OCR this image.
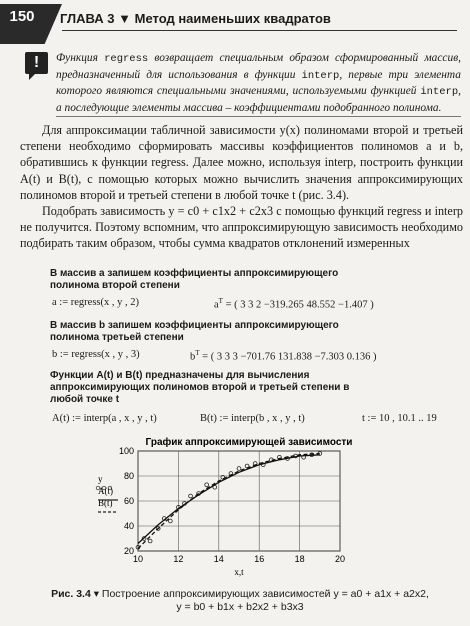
150	ГЛАВА 3 ▼ Метод наименьших квадратов
!	Функция regress возвращает специальным образом сформированный массив, предназначенный для использования в функции interp, первые три элемента которого являются специальными значениями, используемыми функцией interp, а последующие элементы массива – коэффициентами подобранного полинома.

Для аппроксимации табличной зависимости y(x) полиномами второй и третьей степени необходимо сформировать массивы коэффициентов полиномов a и b, обратившись к функции regress. Далее можно, используя interp, построить функции A(t) и B(t), с помощью которых можно вычислить значения аппроксимирующих полиномов второй и третьей степени в любой точке t (рис. 3.4).

Подобрать зависимость y = c0 + c1x2 + c2x3 с помощью функций regress и interp не получится. Поэтому вспомним, что аппроксимирующую зависимость необходимо подбирать таким образом, чтобы сумма квадратов отклонений измеренных

В массив а запишем коэффициенты аппроксимирующего
полинома второй степени
a := regress(x , y , 2)	$a^T$ = ( 3 3 2 −319.265 48.552 −1.407 )
В массив b запишем коэффициенты аппроксимирующего
полинома третьей степени
b := regress(x , y , 3)	$b^T$ = ( 3 3 3 −701.76 131.838 −7.303 0.136 )
Функции A(t) и B(t) предназначены для вычисления
аппроксимирующих полиномов второй и третьей степени в
любой точке t
A(t) := interp(a , x , y , t)	B(t) := interp(b , x , y , t)	t := 10 , 10.1 .. 19
10	12	14	16	18	20
20
40
60
80
100
График аппроксимирующей зависимости
x,t
y
A(t)
B(t)
Рис. 3.4 ▾ Построение аппроксимирующих зависимостей y = a0 + a1x + a2x2,
y = b0 + b1x + b2x2 + b3x3
